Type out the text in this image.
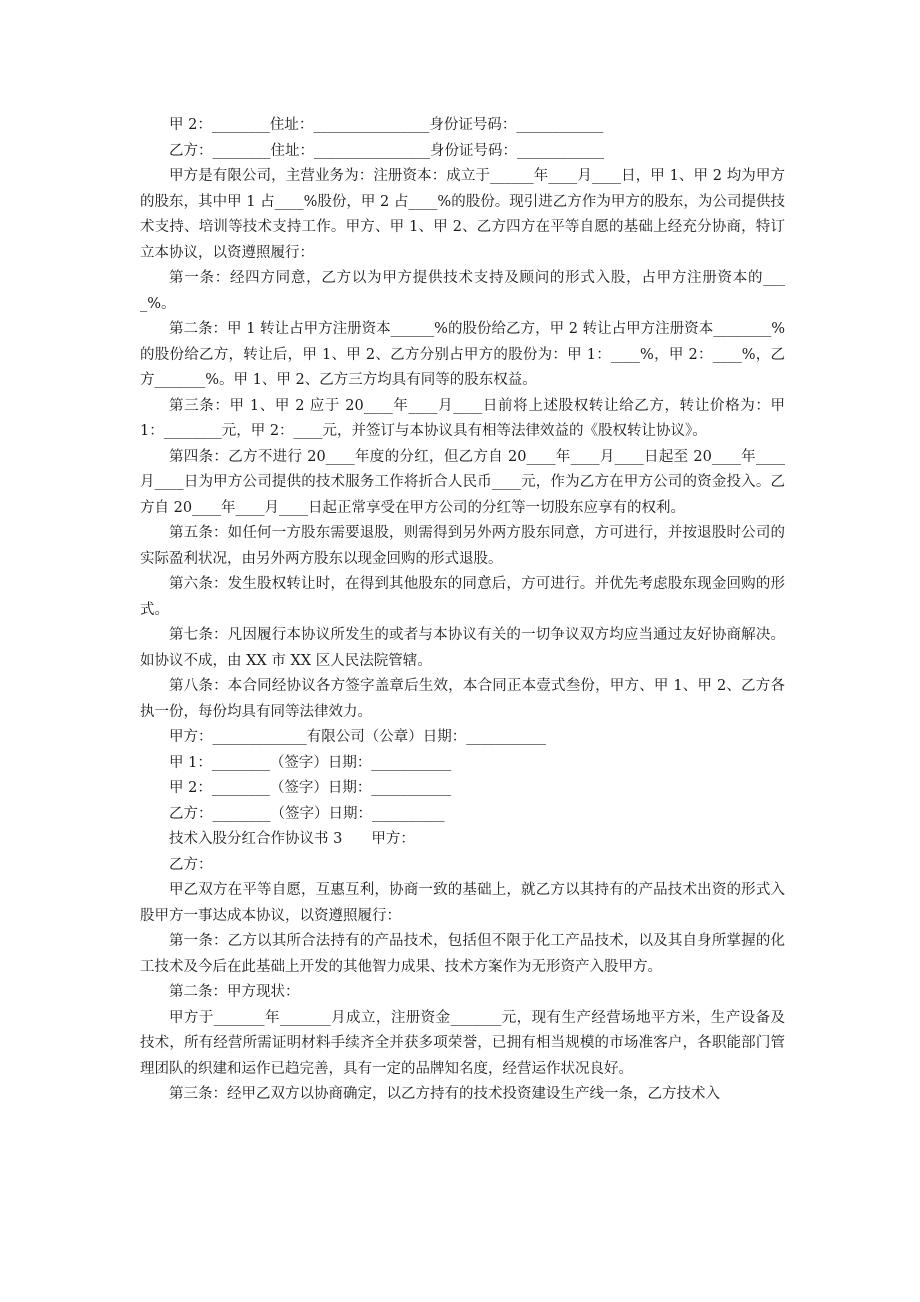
甲 2：________住址：________________身份证号码：____________

乙方：________住址：________________身份证号码：____________

甲方是有限公司，主营业务为：注册资本：成立于______年____月____日，甲 1、甲 2 均为甲方的股东，其中甲 1 占____%股份，甲 2 占____%的股份。现引进乙方作为甲方的股东，为公司提供技术支持、培训等技术支持工作。甲方、甲 1、甲 2、乙方四方在平等自愿的基础上经充分协商，特订立本协议，以资遵照履行：

第一条：经四方同意，乙方以为甲方提供技术支持及顾问的形式入股，占甲方注册资本的____%。

第二条：甲 1 转让占甲方注册资本______%的股份给乙方，甲 2 转让占甲方注册资本________%的股份给乙方，转让后，甲 1、甲 2、乙方分别占甲方的股份为：甲 1：____%，甲 2：____%，乙方_______%。甲 1、甲 2、乙方三方均具有同等的股东权益。

第三条：甲 1、甲 2 应于 20____年____月____日前将上述股权转让给乙方，转让价格为：甲 1：________元，甲 2：____元，并签订与本协议具有相等法律效益的《股权转让协议》。

第四条：乙方不进行 20____年度的分红，但乙方自 20____年____月____日起至 20____年____月____日为甲方公司提供的技术服务工作将折合人民币____元，作为乙方在甲方公司的资金投入。乙方自 20____年____月____日起正常享受在甲方公司的分红等一切股东应享有的权利。

第五条：如任何一方股东需要退股，则需得到另外两方股东同意，方可进行，并按退股时公司的实际盈利状况，由另外两方股东以现金回购的形式退股。

第六条：发生股权转让时，在得到其他股东的同意后，方可进行。并优先考虑股东现金回购的形式。

第七条：凡因履行本协议所发生的或者与本协议有关的一切争议双方均应当通过友好协商解决。如协议不成，由 XX 市 XX 区人民法院管辖。

第八条：本合同经协议各方签字盖章后生效，本合同正本壹式叁份，甲方、甲 1、甲 2、乙方各执一份，每份均具有同等法律效力。

甲方：_____________有限公司（公章）日期：___________

甲 1：________（签字）日期：___________

甲 2：________（签字）日期：___________

乙方：________（签字）日期：__________

技术入股分红合作协议书 3　　甲方：

乙方：

甲乙双方在平等自愿，互惠互利，协商一致的基础上，就乙方以其持有的产品技术出资的形式入股甲方一事达成本协议，以资遵照履行：

第一条：乙方以其所合法持有的产品技术，包括但不限于化工产品技术，以及其自身所掌握的化工技术及今后在此基础上开发的其他智力成果、技术方案作为无形资产入股甲方。

第二条：甲方现状：

甲方于_______年_______月成立，注册资金_______元，现有生产经营场地平方米，生产设备及技术，所有经营所需证明材料手续齐全并获多项荣誉，已拥有相当规模的市场准客户，各职能部门管理团队的织建和运作已趋完善，具有一定的品牌知名度，经营运作状况良好。

第三条：经甲乙双方以协商确定，以乙方持有的技术投资建设生产线一条，乙方技术入
